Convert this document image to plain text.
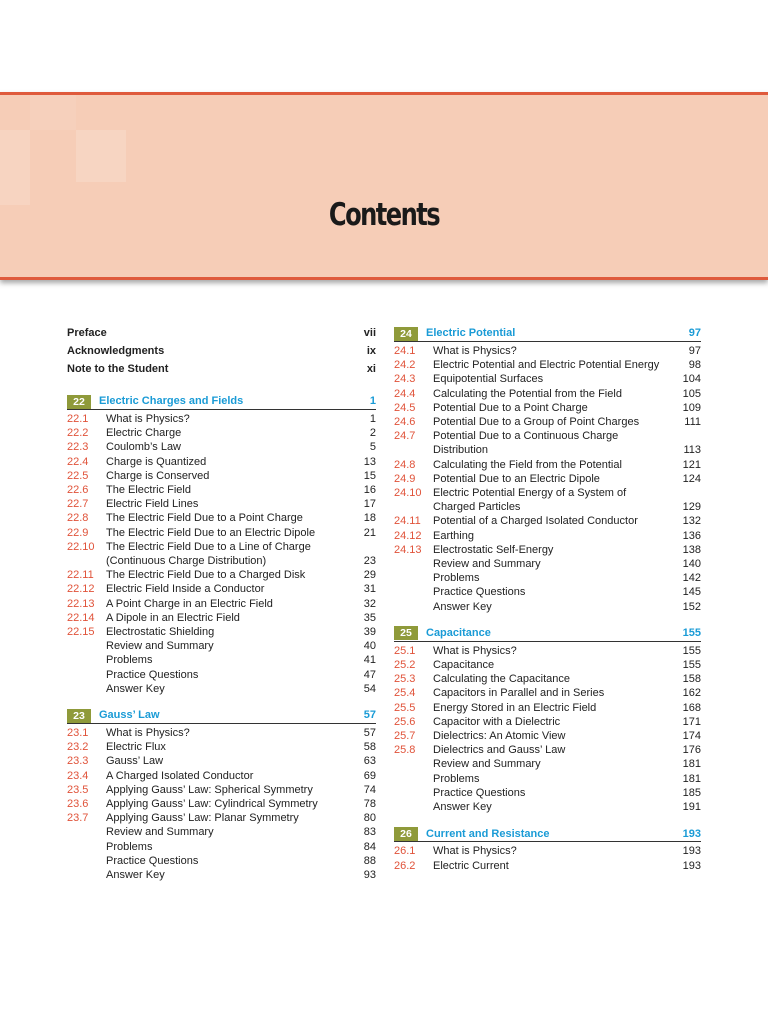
Contents
Preface	vii
Acknowledgments	ix
Note to the Student	xi
22	Electric Charges and Fields	1
22.1	What is Physics?	1
22.2	Electric Charge	2
22.3	Coulomb’s Law	5
22.4	Charge is Quantized	13
22.5	Charge is Conserved	15
22.6	The Electric Field	16
22.7	Electric Field Lines	17
22.8	The Electric Field Due to a Point Charge	18
22.9	The Electric Field Due to an Electric Dipole	21
22.10	The Electric Field Due to a Line of Charge
(Continuous Charge Distribution)	23
22.11	The Electric Field Due to a Charged Disk	29
22.12	Electric Field Inside a Conductor	31
22.13	A Point Charge in an Electric Field	32
22.14	A Dipole in an Electric Field	35
22.15	Electrostatic Shielding	39
Review and Summary	40
Problems	41
Practice Questions	47
Answer Key	54
23	Gauss’ Law	57
23.1	What is Physics?	57
23.2	Electric Flux	58
23.3	Gauss’ Law	63
23.4	A Charged Isolated Conductor	69
23.5	Applying Gauss’ Law: Spherical Symmetry	74
23.6	Applying Gauss’ Law: Cylindrical Symmetry	78
23.7	Applying Gauss’ Law: Planar Symmetry	80
Review and Summary	83
Problems	84
Practice Questions	88
Answer Key	93
24	Electric Potential	97
24.1	What is Physics?	97
24.2	Electric Potential and Electric Potential Energy	98
24.3	Equipotential Surfaces	104
24.4	Calculating the Potential from the Field	105
24.5	Potential Due to a Point Charge	109
24.6	Potential Due to a Group of Point Charges	111
24.7	Potential Due to a Continuous Charge
Distribution	113
24.8	Calculating the Field from the Potential	121
24.9	Potential Due to an Electric Dipole	124
24.10	Electric Potential Energy of a System of
Charged Particles	129
24.11	Potential of a Charged Isolated Conductor	132
24.12	Earthing	136
24.13	Electrostatic Self-Energy	138
Review and Summary	140
Problems	142
Practice Questions	145
Answer Key	152
25	Capacitance	155
25.1	What is Physics?	155
25.2	Capacitance	155
25.3	Calculating the Capacitance	158
25.4	Capacitors in Parallel and in Series	162
25.5	Energy Stored in an Electric Field	168
25.6	Capacitor with a Dielectric	171
25.7	Dielectrics: An Atomic View	174
25.8	Dielectrics and Gauss’ Law	176
Review and Summary	181
Problems	181
Practice Questions	185
Answer Key	191
26	Current and Resistance	193
26.1	What is Physics?	193
26.2	Electric Current	193
